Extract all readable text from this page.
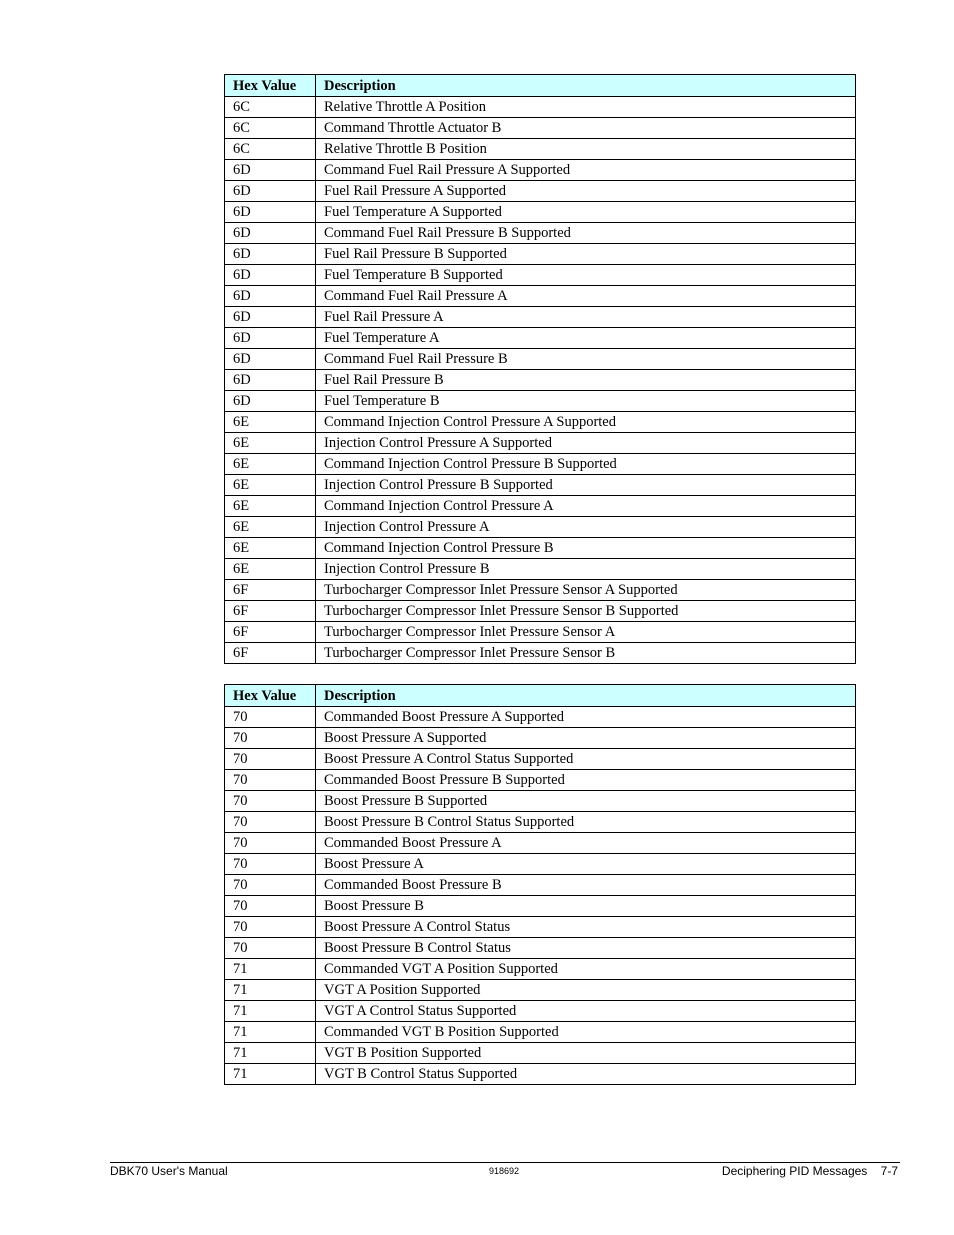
Hex Value	Description
6C	Relative Throttle A Position
6C	Command Throttle Actuator B
6C	Relative Throttle B Position
6D	Command Fuel Rail Pressure A Supported
6D	Fuel Rail Pressure A Supported
6D	Fuel Temperature A Supported
6D	Command Fuel Rail Pressure B Supported
6D	Fuel Rail Pressure B Supported
6D	Fuel Temperature B Supported
6D	Command Fuel Rail Pressure A
6D	Fuel Rail Pressure A
6D	Fuel Temperature A
6D	Command Fuel Rail Pressure B
6D	Fuel Rail Pressure B
6D	Fuel Temperature B
6E	Command Injection Control Pressure A Supported
6E	Injection Control Pressure A Supported
6E	Command Injection Control Pressure B Supported
6E	Injection Control Pressure B Supported
6E	Command Injection Control Pressure A
6E	Injection Control Pressure A
6E	Command Injection Control Pressure B
6E	Injection Control Pressure B
6F	Turbocharger Compressor Inlet Pressure Sensor A Supported
6F	Turbocharger Compressor Inlet Pressure Sensor B Supported
6F	Turbocharger Compressor Inlet Pressure Sensor A
6F	Turbocharger Compressor Inlet Pressure Sensor B
Hex Value	Description
70	Commanded Boost Pressure A Supported
70	Boost Pressure A Supported
70	Boost Pressure A Control Status Supported
70	Commanded Boost Pressure B Supported
70	Boost Pressure B Supported
70	Boost Pressure B Control Status Supported
70	Commanded Boost Pressure A
70	Boost Pressure A
70	Commanded Boost Pressure B
70	Boost Pressure B
70	Boost Pressure A Control Status
70	Boost Pressure B Control Status
71	Commanded VGT A Position Supported
71	VGT A Position Supported
71	VGT A Control Status Supported
71	Commanded VGT B Position Supported
71	VGT B Position Supported
71	VGT B Control Status Supported
DBK70 User's Manual	918692	Deciphering PID Messages    7-7
